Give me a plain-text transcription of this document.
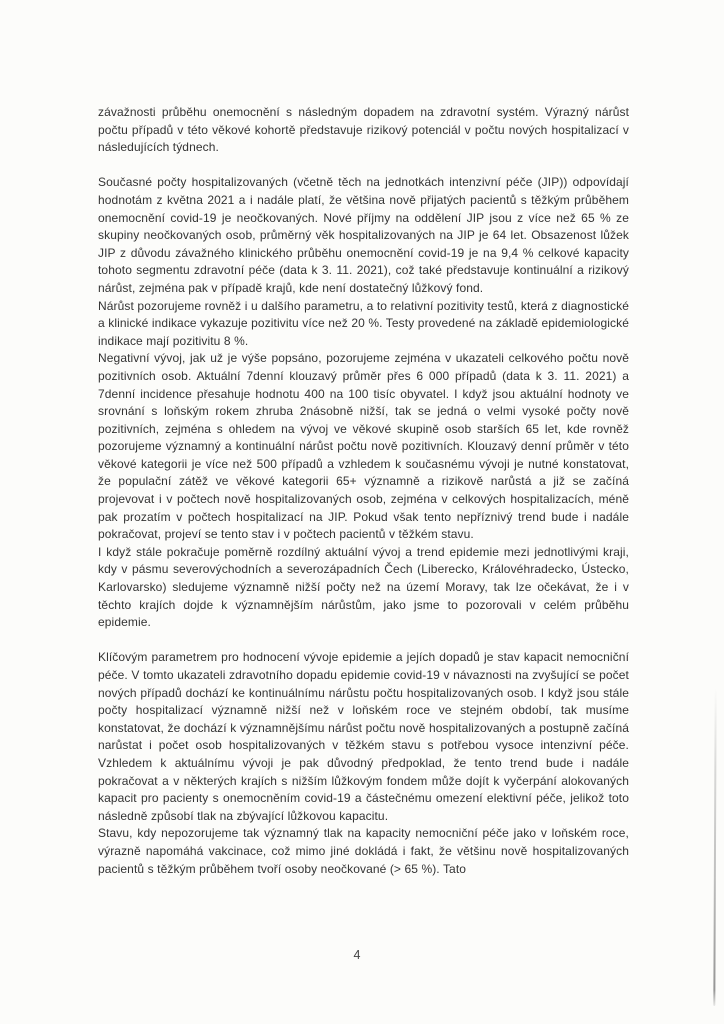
závažnosti průběhu onemocnění s následným dopadem na zdravotní systém. Výrazný nárůst počtu případů v této věkové kohortě představuje rizikový potenciál v počtu nových hospitalizací v následujících týdnech.

Současné počty hospitalizovaných (včetně těch na jednotkách intenzivní péče (JIP)) odpovídají hodnotám z května 2021 a i nadále platí, že většina nově přijatých pacientů s těžkým průběhem onemocnění covid-19 je neočkovaných. Nové příjmy na oddělení JIP jsou z více než 65 % ze skupiny neočkovaných osob, průměrný věk hospitalizovaných na JIP je 64 let. Obsazenost lůžek JIP z důvodu závažného klinického průběhu onemocnění covid-19 je na 9,4 % celkové kapacity tohoto segmentu zdravotní péče (data k 3. 11. 2021), což také představuje kontinuální a rizikový nárůst, zejména pak v případě krajů, kde není dostatečný lůžkový fond.

Nárůst pozorujeme rovněž i u dalšího parametru, a to relativní pozitivity testů, která z diagnostické a klinické indikace vykazuje pozitivitu více než 20 %. Testy provedené na základě epidemiologické indikace mají pozitivitu 8 %.

Negativní vývoj, jak už je výše popsáno, pozorujeme zejména v ukazateli celkového počtu nově pozitivních osob. Aktuální 7denní klouzavý průměr přes 6 000 případů (data k 3. 11. 2021) a 7denní incidence přesahuje hodnotu 400 na 100 tisíc obyvatel. I když jsou aktuální hodnoty ve srovnání s loňským rokem zhruba 2násobně nižší, tak se jedná o velmi vysoké počty nově pozitivních, zejména s ohledem na vývoj ve věkové skupině osob starších 65 let, kde rovněž pozorujeme významný a kontinuální nárůst počtu nově pozitivních. Klouzavý denní průměr v této věkové kategorii je více než 500 případů a vzhledem k současnému vývoji je nutné konstatovat, že populační zátěž ve věkové kategorii 65+ významně a rizikově narůstá a již se začíná projevovat i v počtech nově hospitalizovaných osob, zejména v celkových hospitalizacích, méně pak prozatím v počtech hospitalizací na JIP. Pokud však tento nepříznivý trend bude i nadále pokračovat, projeví se tento stav i v počtech pacientů v těžkém stavu.

I když stále pokračuje poměrně rozdílný aktuální vývoj a trend epidemie mezi jednotlivými kraji, kdy v pásmu severovýchodních a severozápadních Čech (Liberecko, Královéhradecko, Ústecko, Karlovarsko) sledujeme významně nižší počty než na území Moravy, tak lze očekávat, že i v těchto krajích dojde k významnějším nárůstům, jako jsme to pozorovali v celém průběhu epidemie.

Klíčovým parametrem pro hodnocení vývoje epidemie a jejích dopadů je stav kapacit nemocniční péče. V tomto ukazateli zdravotního dopadu epidemie covid-19 v návaznosti na zvyšující se počet nových případů dochází ke kontinuálnímu nárůstu počtu hospitalizovaných osob. I když jsou stále počty hospitalizací významně nižší než v loňském roce ve stejném období, tak musíme konstatovat, že dochází k významnějšímu nárůst počtu nově hospitalizovaných a postupně začíná narůstat i počet osob hospitalizovaných v těžkém stavu s potřebou vysoce intenzivní péče. Vzhledem k aktuálnímu vývoji je pak důvodný předpoklad, že tento trend bude i nadále pokračovat a v některých krajích s nižším lůžkovým fondem může dojít k vyčerpání alokovaných kapacit pro pacienty s onemocněním covid-19 a částečnému omezení elektivní péče, jelikož toto následně způsobí tlak na zbývající lůžkovou kapacitu.

Stavu, kdy nepozorujeme tak významný tlak na kapacity nemocniční péče jako v loňském roce, výrazně napomáhá vakcinace, což mimo jiné dokládá i fakt, že většinu nově hospitalizovaných pacientů s těžkým průběhem tvoří osoby neočkované (> 65 %). Tato

4
